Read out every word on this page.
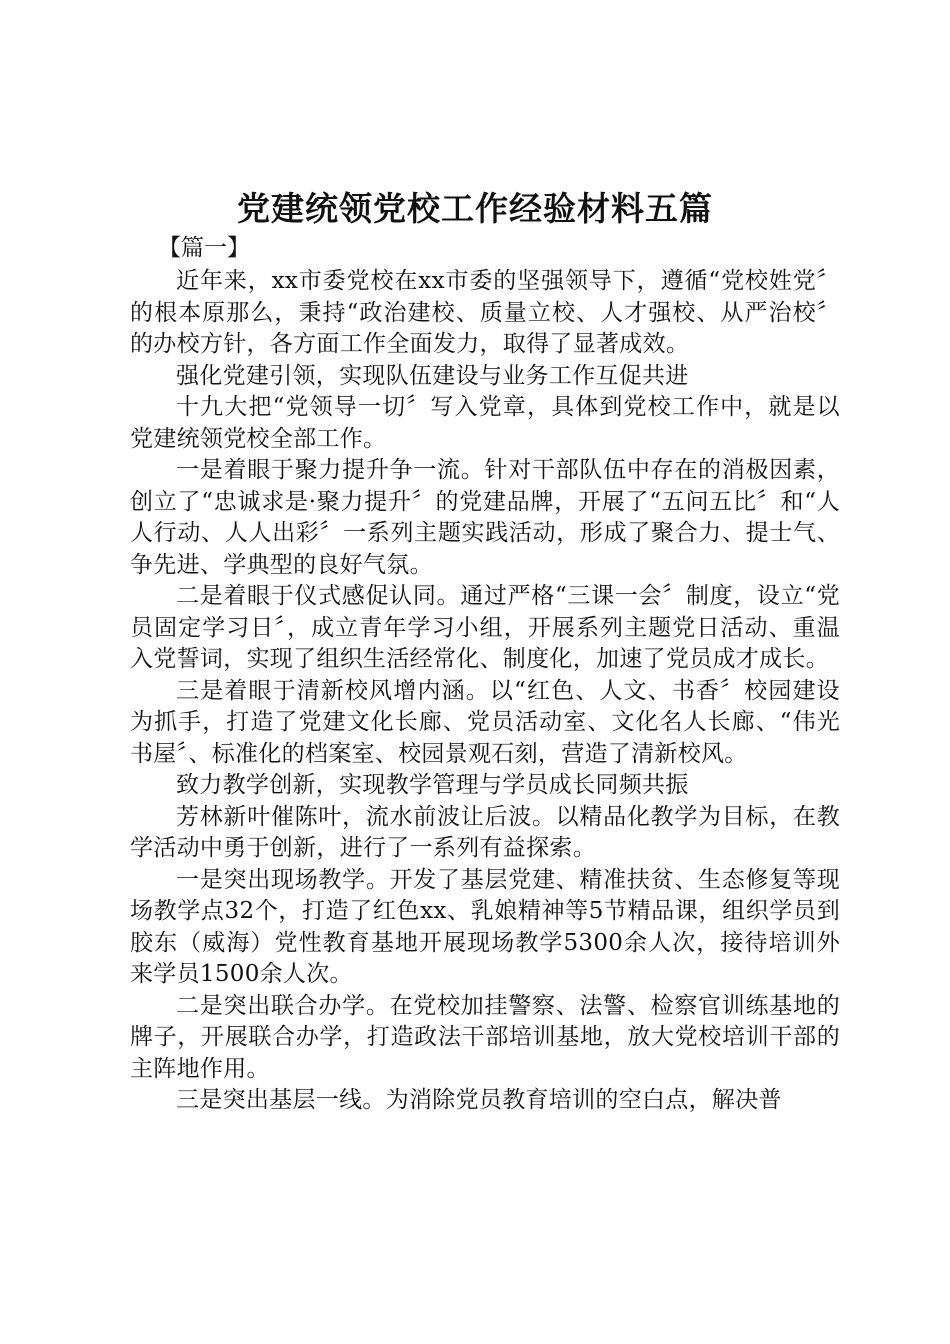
党建统领党校工作经验材料五篇

【篇一】

近年来，xx市委党校在xx市委的坚强领导下，遵循“党校姓党〞的根本原那么，秉持“政治建校、质量立校、人才强校、从严治校〞的办校方针，各方面工作全面发力，取得了显著成效。

强化党建引领，实现队伍建设与业务工作互促共进

十九大把“党领导一切〞写入党章，具体到党校工作中，就是以党建统领党校全部工作。

一是着眼于聚力提升争一流。针对干部队伍中存在的消极因素，创立了“忠诚求是·聚力提升〞的党建品牌，开展了“五问五比〞和“人人行动、人人出彩〞一系列主题实践活动，形成了聚合力、提士气、争先进、学典型的良好气氛。

二是着眼于仪式感促认同。通过严格“三课一会〞制度，设立“党员固定学习日〞，成立青年学习小组，开展系列主题党日活动、重温入党誓词，实现了组织生活经常化、制度化，加速了党员成才成长。

三是着眼于清新校风增内涵。以“红色、人文、书香〞校园建设为抓手，打造了党建文化长廊、党员活动室、文化名人长廊、“伟光书屋〞、标准化的档案室、校园景观石刻，营造了清新校风。

致力教学创新，实现教学管理与学员成长同频共振

芳林新叶催陈叶，流水前波让后波。以精品化教学为目标，在教学活动中勇于创新，进行了一系列有益探索。

一是突出现场教学。开发了基层党建、精准扶贫、生态修复等现场教学点32个，打造了红色xx、乳娘精神等5节精品课，组织学员到胶东（威海）党性教育基地开展现场教学5300余人次，接待培训外来学员1500余人次。

二是突出联合办学。在党校加挂警察、法警、检察官训练基地的牌子，开展联合办学，打造政法干部培训基地，放大党校培训干部的主阵地作用。

三是突出基层一线。为消除党员教育培训的空白点，解决普
